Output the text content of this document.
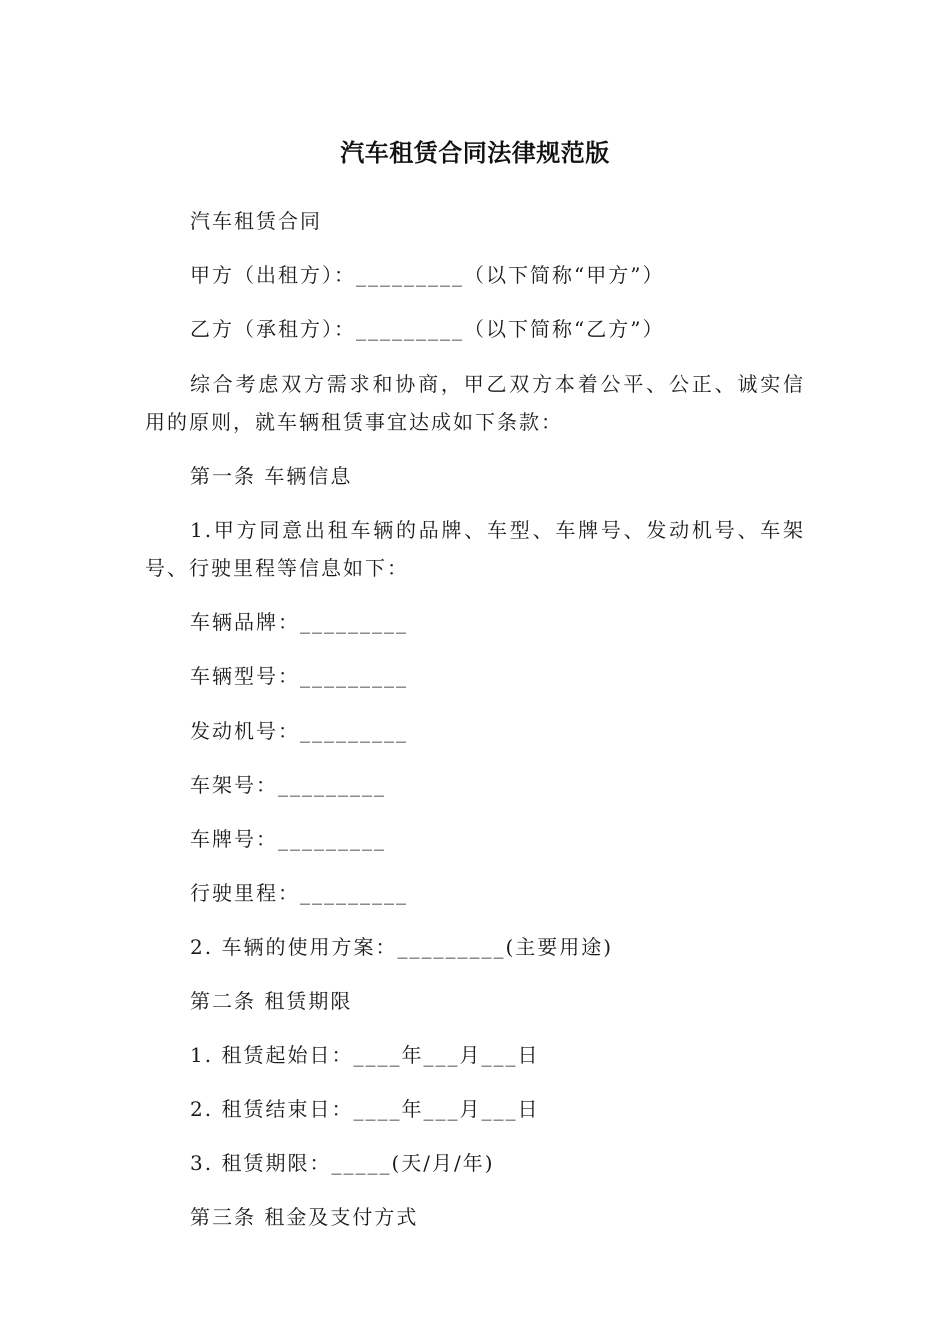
汽车租赁合同法律规范版
汽车租赁合同
甲方（出租方）：_________（以下简称“甲方”）
乙方（承租方）：_________（以下简称“乙方”）
综合考虑双方需求和协商，甲乙双方本着公平、公正、诚实信用的原则，就车辆租赁事宜达成如下条款：
第一条 车辆信息
1.甲方同意出租车辆的品牌、车型、车牌号、发动机号、车架号、行驶里程等信息如下：
车辆品牌：_________
车辆型号：_________
发动机号：_________
车架号：_________
车牌号：_________
行驶里程：_________
2. 车辆的使用方案：_________(主要用途)
第二条 租赁期限
1. 租赁起始日：____年___月___日
2. 租赁结束日：____年___月___日
3. 租赁期限：_____(天/月/年)
第三条 租金及支付方式
